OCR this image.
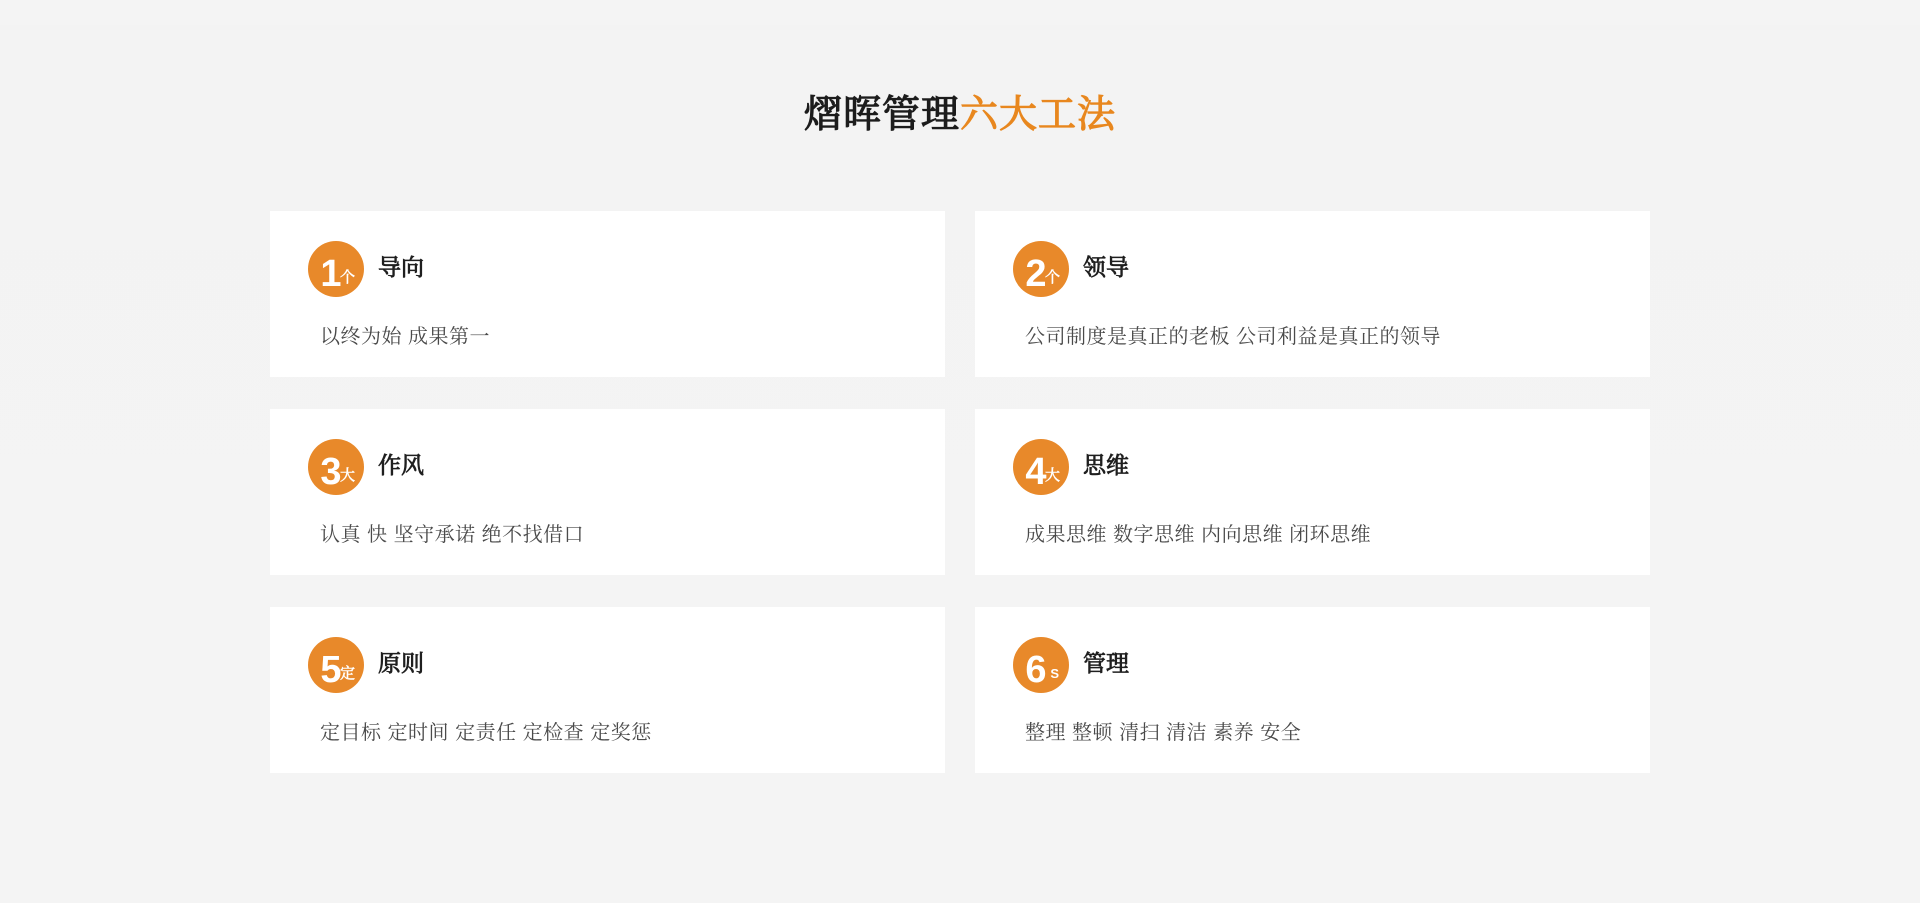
熠晖管理六大工法
1
个 导向
以终为始 成果第一
2
个 领导
公司制度是真正的老板 公司利益是真正的领导
3
大 作风
认真 快 坚守承诺 绝不找借口
4
大 思维
成果思维 数字思维 内向思维 闭环思维
5
定 原则
定目标 定时间 定责任 定检查 定奖惩
6 S 管理
整理 整顿 清扫 清洁 素养 安全
